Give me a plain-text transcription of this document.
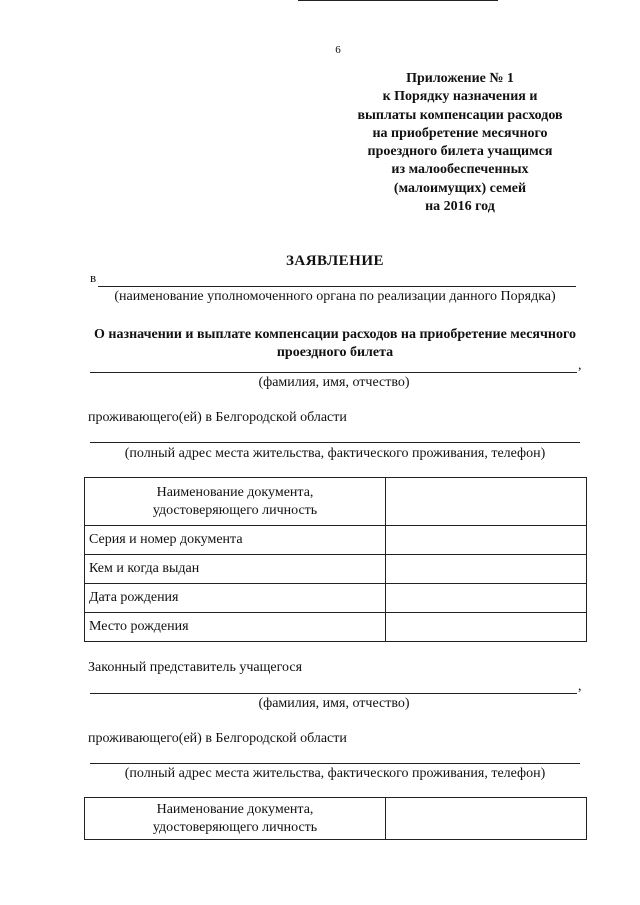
6
Приложение № 1
к Порядку назначения и
выплаты компенсации расходов
на приобретение месячного
проездного билета учащимся
из малообеспеченных
(малоимущих) семей
на 2016 год
ЗАЯВЛЕНИЕ
в
(наименование уполномоченного органа по реализации данного Порядка)
О назначении и выплате компенсации расходов на приобретение месячного проездного билета
,
(фамилия, имя, отчество)
проживающего(ей) в Белгородской области
(полный адрес места жительства, фактического проживания, телефон)
Наименование документа,
удостоверяющего личность	

Серия и номер документа	
Кем и когда выдан	
Дата рождения	
Место рождения	
Законный представитель учащегося
,
(фамилия, имя, отчество)
проживающего(ей) в Белгородской области
(полный адрес места жительства, фактического проживания, телефон)
Наименование документа,
удостоверяющего личность
